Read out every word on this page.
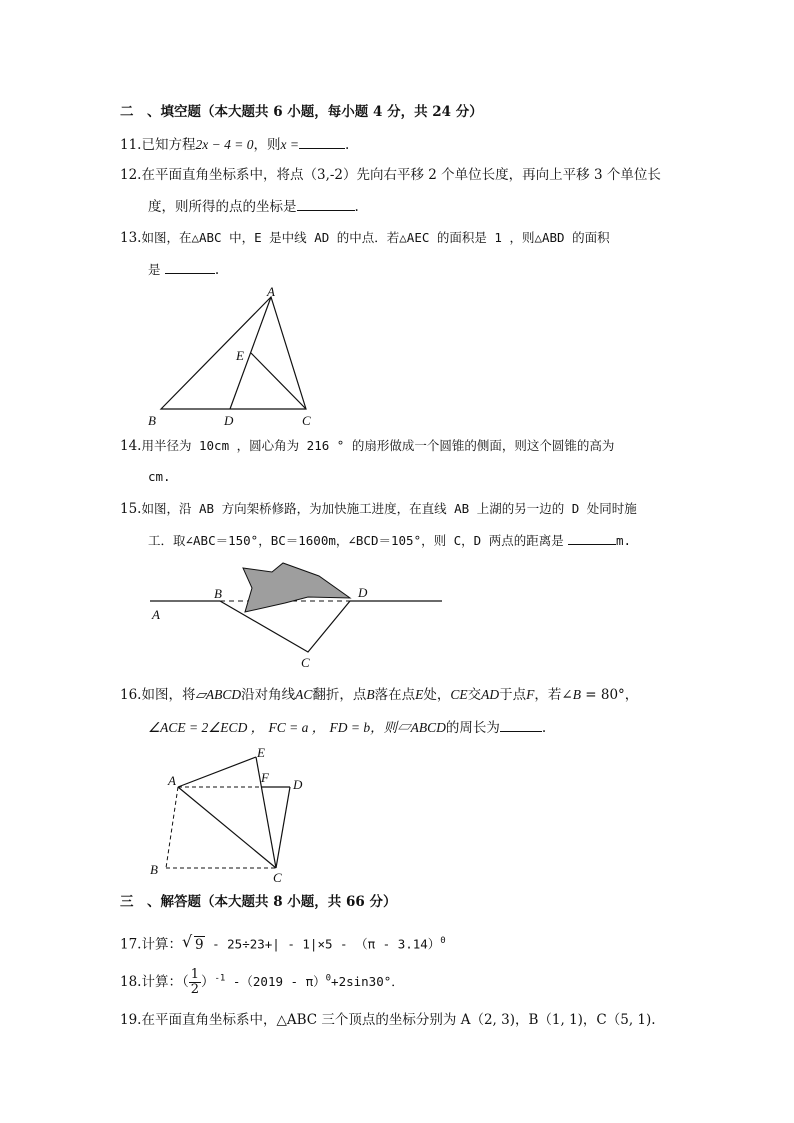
二　、填空题（本大题共 6 小题，每小题 4 分，共 24 分）
11.已知方程2x − 4 = 0，则x =	.
12.在平面直角坐标系中，将点（3,-2）先向右平移 2 个单位长度，再向上平移 3 个单位长
度，则所得的点的坐标是	.
13.如图，在△ABC 中，E 是中线 AD 的中点．若△AEC 的面积是 1 ，则△ABD 的面积
是	.
A
B	C
D
E
14.用半径为 10cm ，圆心角为 216 ° 的扇形做成一个圆锥的侧面，则这个圆锥的高为
cm.
15.如图，沿 AB 方向架桥修路，为加快施工进度，在直线 AB 上湖的另一边的 D 处同时施
工．取∠ABC＝150°，BC＝1600m，∠BCD＝105°，则 C，D 两点的距离是	m.
A
B
C
D
16.如图，将▱ABCD沿对角线AC翻折，点B落在点E处，CE交AD于点F，若∠B = 80°，
∠ACE = 2∠ECD ， FC = a ， FD = b，则▱ABCD的周长为	.
A
B
C
D
E
F
三　、解答题（本大题共 8 小题，共 66 分）
17.计算： √ 9 - 25÷23+| - 1|×5 - （π - 3.14）$^0$
18.计算：（ $\frac{1}{2} )^{-1}$ -（2019 - π）$^0$+2sin30°．
19.在平面直角坐标系中，△ABC 三个顶点的坐标分别为 A（2, 3)，B（1, 1)，C（5, 1).
